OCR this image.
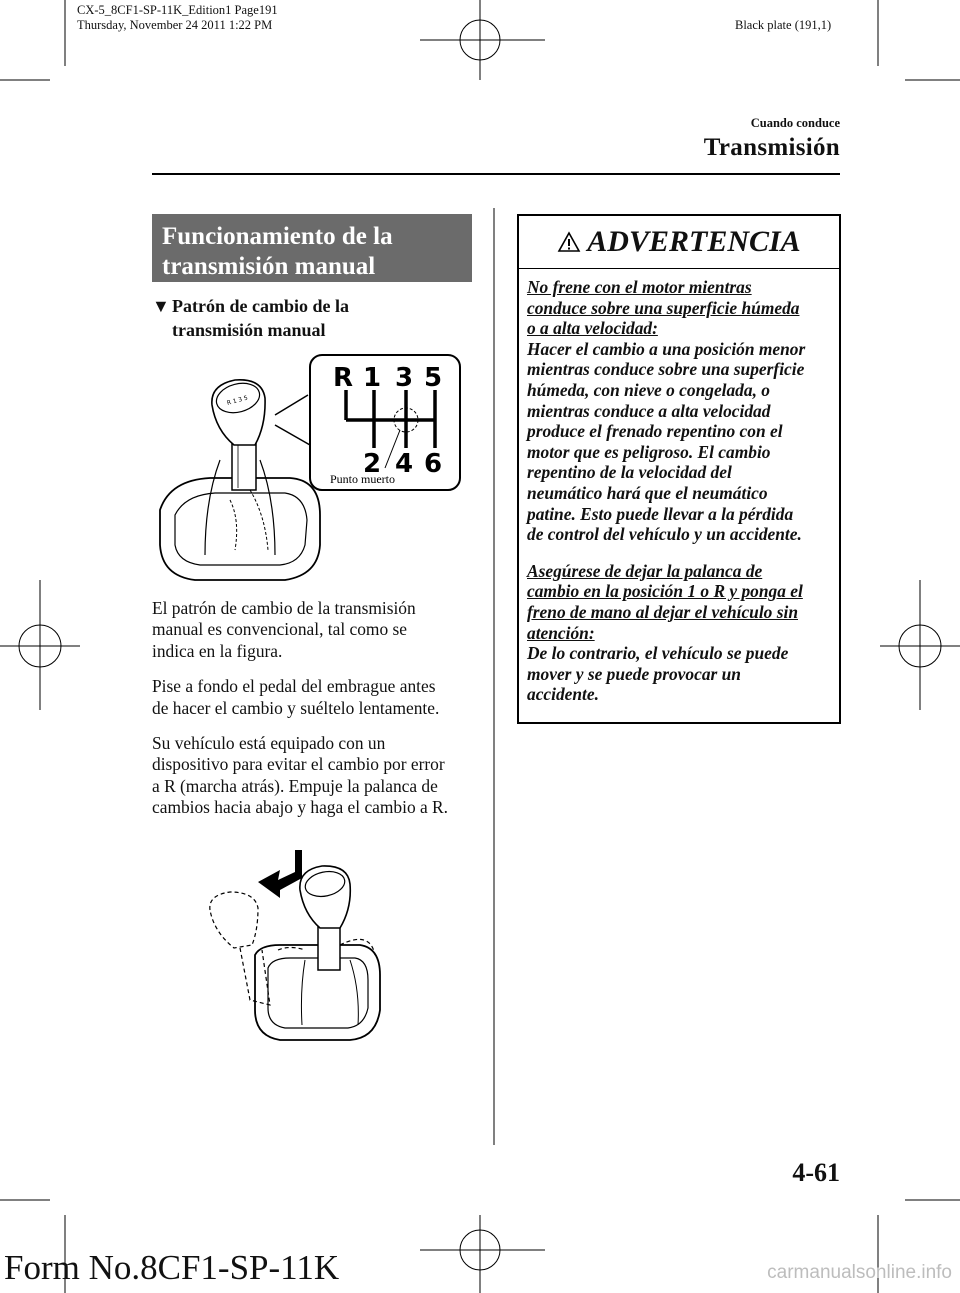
CX-5_8CF1-SP-11K_Edition1 Page191
Thursday, November 24 2011 1:22 PM	Black plate (191,1)
Cuando conduce
Transmisión
Funcionamiento de la
transmisión manual
▼ Patrón de cambio de la
transmisión manual
R 1 3 5
2 4 6
Punto muerto
R 1 3 5

El patrón de cambio de la transmisión
manual es convencional, tal como se
indica en la figura.

Pise a fondo el pedal del embrague antes
de hacer el cambio y suéltelo lentamente.

Su vehículo está equipado con un
dispositivo para evitar el cambio por error
a R (marcha atrás). Empuje la palanca de
cambios hacia abajo y haga el cambio a R.

ADVERTENCIA

No frene con el motor mientras
conduce sobre una superficie húmeda
o a alta velocidad:
Hacer el cambio a una posición menor
mientras conduce sobre una superficie
húmeda, con nieve o congelada, o
mientras conduce a alta velocidad
produce el frenado repentino con el
motor que es peligroso. El cambio
repentino de la velocidad del
neumático hará que el neumático
patine. Esto puede llevar a la pérdida
de control del vehículo y un accidente.

Asegúrese de dejar la palanca de
cambio en la posición 1 o R y ponga el
freno de mano al dejar el vehículo sin
atención:
De lo contrario, el vehículo se puede
mover y se puede provocar un
accidente.

4-61
Form No.8CF1-SP-11K	carmanualsonline.info
